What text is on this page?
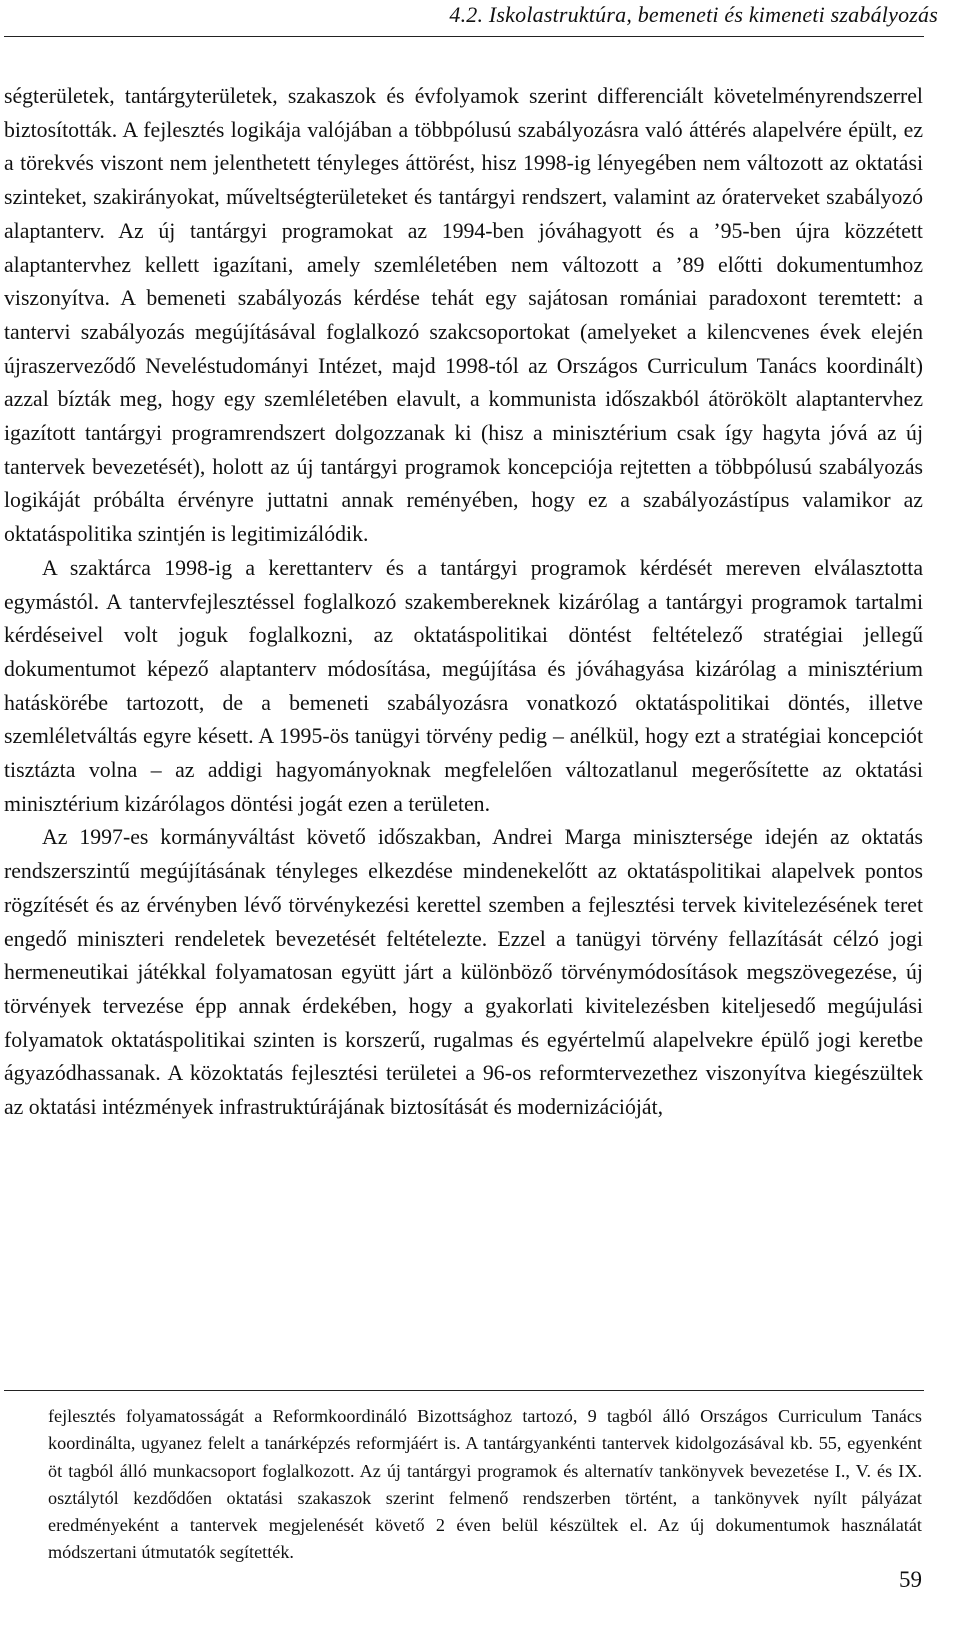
4.2. Iskolastruktúra, bemeneti és kimeneti szabályozás

ségterületek, tantárgyterületek, szakaszok és évfolyamok szerint differenciált követelményrendszerrel biztosították. A fejlesztés logikája valójában a többpólusú szabályozásra való áttérés alapelvére épült, ez a törekvés viszont nem jelenthetett tényleges áttörést, hisz 1998-ig lényegében nem változott az oktatási szinteket, szakirányokat, műveltségterületeket és tantárgyi rendszert, valamint az óraterveket szabályozó alaptanterv. Az új tantárgyi programokat az 1994-ben jóváhagyott és a ’95-ben újra közzétett alaptantervhez kellett igazítani, amely szemléletében nem változott a ’89 előtti dokumentumhoz viszonyítva. A bemeneti szabályozás kérdése tehát egy sajátosan romániai paradoxont teremtett: a tantervi szabályozás megújításával foglalkozó szakcsoportokat (amelyeket a kilencvenes évek elején újraszerveződő Neveléstudományi Intézet, majd 1998-tól az Országos Curriculum Tanács koordinált) azzal bízták meg, hogy egy szemléletében elavult, a kommunista időszakból átörökölt alaptantervhez igazított tantárgyi programrendszert dolgozzanak ki (hisz a minisztérium csak így hagyta jóvá az új tantervek bevezetését), holott az új tantárgyi programok koncepciója rejtetten a többpólusú szabályozás logikáját próbálta érvényre juttatni annak reményében, hogy ez a szabályozástípus valamikor az oktatáspolitika szintjén is legitimizálódik.

A szaktárca 1998-ig a kerettanterv és a tantárgyi programok kérdését mereven elválasztotta egymástól. A tantervfejlesztéssel foglalkozó szakembereknek kizárólag a tantárgyi programok tartalmi kérdéseivel volt joguk foglalkozni, az oktatáspolitikai döntést feltételező stratégiai jellegű dokumentumot képező alaptanterv módosítása, megújítása és jóváhagyása kizárólag a minisztérium hatáskörébe tartozott, de a bemeneti szabályozásra vonatkozó oktatáspolitikai döntés, illetve szemléletváltás egyre késett. A 1995-ös tanügyi törvény pedig – anélkül, hogy ezt a stratégiai koncepciót tisztázta volna – az addigi hagyományoknak megfelelően változatlanul megerősítette az oktatási minisztérium kizárólagos döntési jogát ezen a területen.

Az 1997-es kormányváltást követő időszakban, Andrei Marga minisztersége idején az oktatás rendszerszintű megújításának tényleges elkezdése mindenekelőtt az oktatáspolitikai alapelvek pontos rögzítését és az érvényben lévő törvénykezési kerettel szemben a fejlesztési tervek kivitelezésének teret engedő miniszteri rendeletek bevezetését feltételezte. Ezzel a tanügyi törvény fellazítását célzó jogi hermeneutikai játékkal folyamatosan együtt járt a különböző törvénymódosítások megszövegezése, új törvények tervezése épp annak érdekében, hogy a gyakorlati kivitelezésben kiteljesedő megújulási folyamatok oktatáspolitikai szinten is korszerű, rugalmas és egyértelmű alapelvekre épülő jogi keretbe ágyazódhassanak. A közoktatás fejlesztési területei a 96-os reformtervezethez viszonyítva kiegészültek az oktatási intézmények infrastruktúrájának biztosítását és modernizációját,

fejlesztés folyamatosságát a Reformkoordináló Bizottsághoz tartozó, 9 tagból álló Országos Curriculum Tanács koordinálta, ugyanez felelt a tanárképzés reformjáért is. A tantárgyankénti tantervek kidolgozásával kb. 55, egyenként öt tagból álló munkacsoport foglalkozott. Az új tantárgyi programok és alternatív tankönyvek bevezetése I., V. és IX. osztálytól kezdődően oktatási szakaszok szerint felmenő rendszerben történt, a tankönyvek nyílt pályázat eredményeként a tantervek megjelenését követő 2 éven belül készültek el. Az új dokumentumok használatát módszertani útmutatók segítették.

59
